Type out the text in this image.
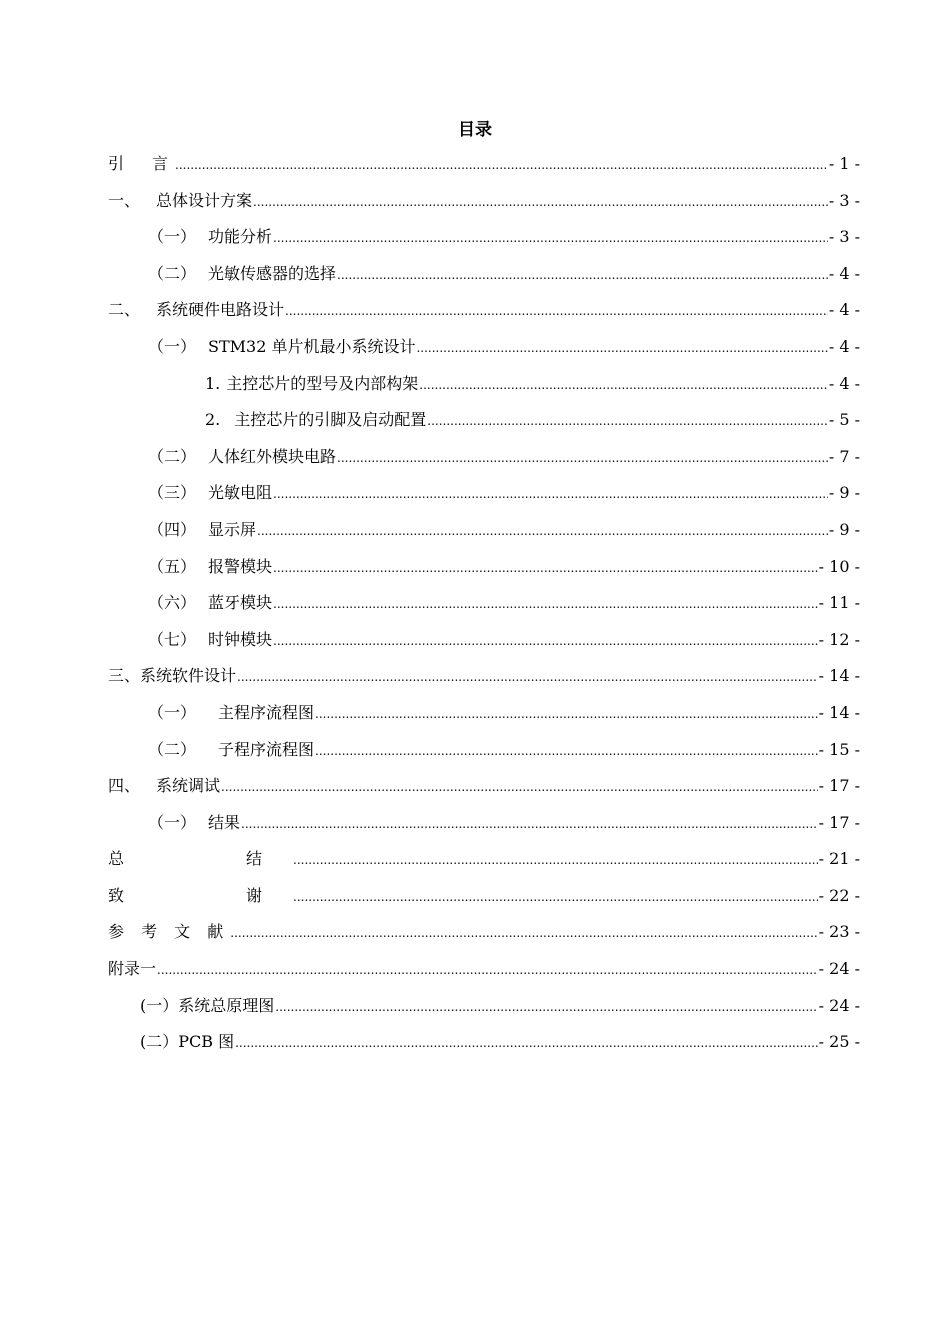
目录
引　言 .....	- 1 -
一、 总体设计方案 .....	- 3 -
（一） 功能分析 .....	- 3 -
（二） 光敏传感器的选择 .....	- 4 -
二、 系统硬件电路设计 .....	- 4 -
（一） STM32 单片机最小系统设计 .....	- 4 -
1. 主控芯片的型号及内部构架 .....	- 4 -
2. 主控芯片的引脚及启动配置 .....	- 5 -
（二） 人体红外模块电路 .....	- 7 -
（三） 光敏电阻 .....	- 9 -
（四） 显示屏 .....	- 9 -
（五） 报警模块 .....	- 10 -
（六） 蓝牙模块 .....	- 11 -
（七） 时钟模块 .....	- 12 -
三、系统软件设计 .....	- 14 -
（一）	主程序流程图 .....	- 14 -
（二）	子程序流程图 .....	- 15 -
四、 系统调试 .....	- 17 -
（一） 结果 .....	- 17 -
总　　结 .....	- 21 -
致　　谢 .....	- 22 -
参 考 文 献 .....	- 23 -
附录一 .....	- 24 -
(一）系统总原理图 .....	- 24 -
(二）PCB 图 .....	- 25 -
